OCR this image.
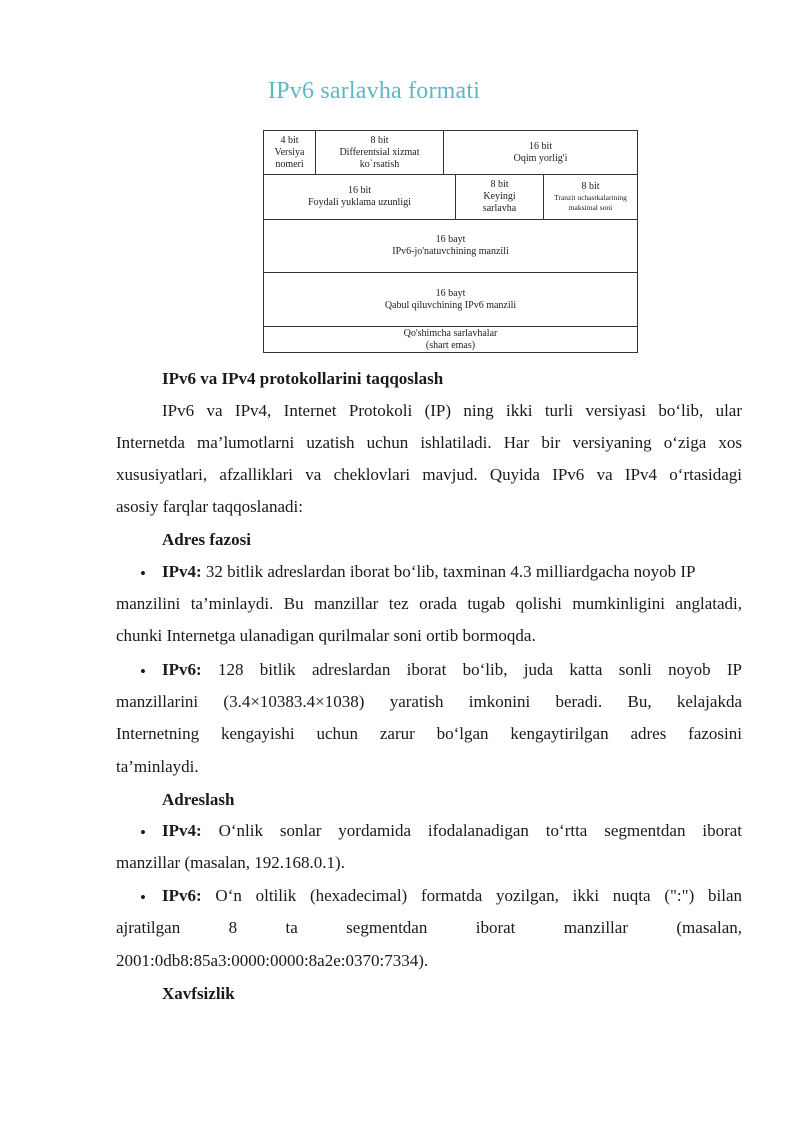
IPv6 sarlavha formati
4 bit
Versiya
nomeri
8 bit
Differentsial xizmat
ko`rsatish
16 bit
Oqim yorlig'i
16 bit
Foydali yuklama uzunligi
8 bit
Keyingi
sarlavha
8 bit
Tranzit uchastkalarining
maksimal soni
16 bayt
IPv6-jo'natuvchining manzili
16 bayt
Qabul qiluvchining IPv6 manzili
Qo'shimcha sarlavhalar
(shart emas)
IPv6 va IPv4 protokollarini taqqoslash
IPv6 va IPv4, Internet Protokoli (IP) ning ikki turli versiyasi bo‘lib, ular
Internetda ma’lumotlarni uzatish uchun ishlatiladi. Har bir versiyaning o‘ziga xos
xususiyatlari, afzalliklari va cheklovlari mavjud. Quyida IPv6 va IPv4 o‘rtasidagi
asosiy farqlar taqqoslanadi:
Adres fazosi
• IPv4: 32 bitlik adreslardan iborat bo‘lib, taxminan 4.3 milliardgacha noyob IP
manzilini ta’minlaydi. Bu manzillar tez orada tugab qolishi mumkinligini anglatadi,
chunki Internetga ulanadigan qurilmalar soni ortib bormoqda.
• IPv6: 128 bitlik adreslardan iborat bo‘lib, juda katta sonli noyob IP
manzillarini (3.4×10383.4×1038) yaratish imkonini beradi. Bu, kelajakda
Internetning kengayishi uchun zarur bo‘lgan kengaytirilgan adres fazosini
ta’minlaydi.
Adreslash
• IPv4: O‘nlik sonlar yordamida ifodalanadigan to‘rtta segmentdan iborat
manzillar (masalan, 192.168.0.1).
• IPv6: O‘n oltilik (hexadecimal) formatda yozilgan, ikki nuqta (":") bilan
ajratilgan 8 ta segmentdan iborat manzillar (masalan,
2001:0db8:85a3:0000:0000:8a2e:0370:7334).
Xavfsizlik
